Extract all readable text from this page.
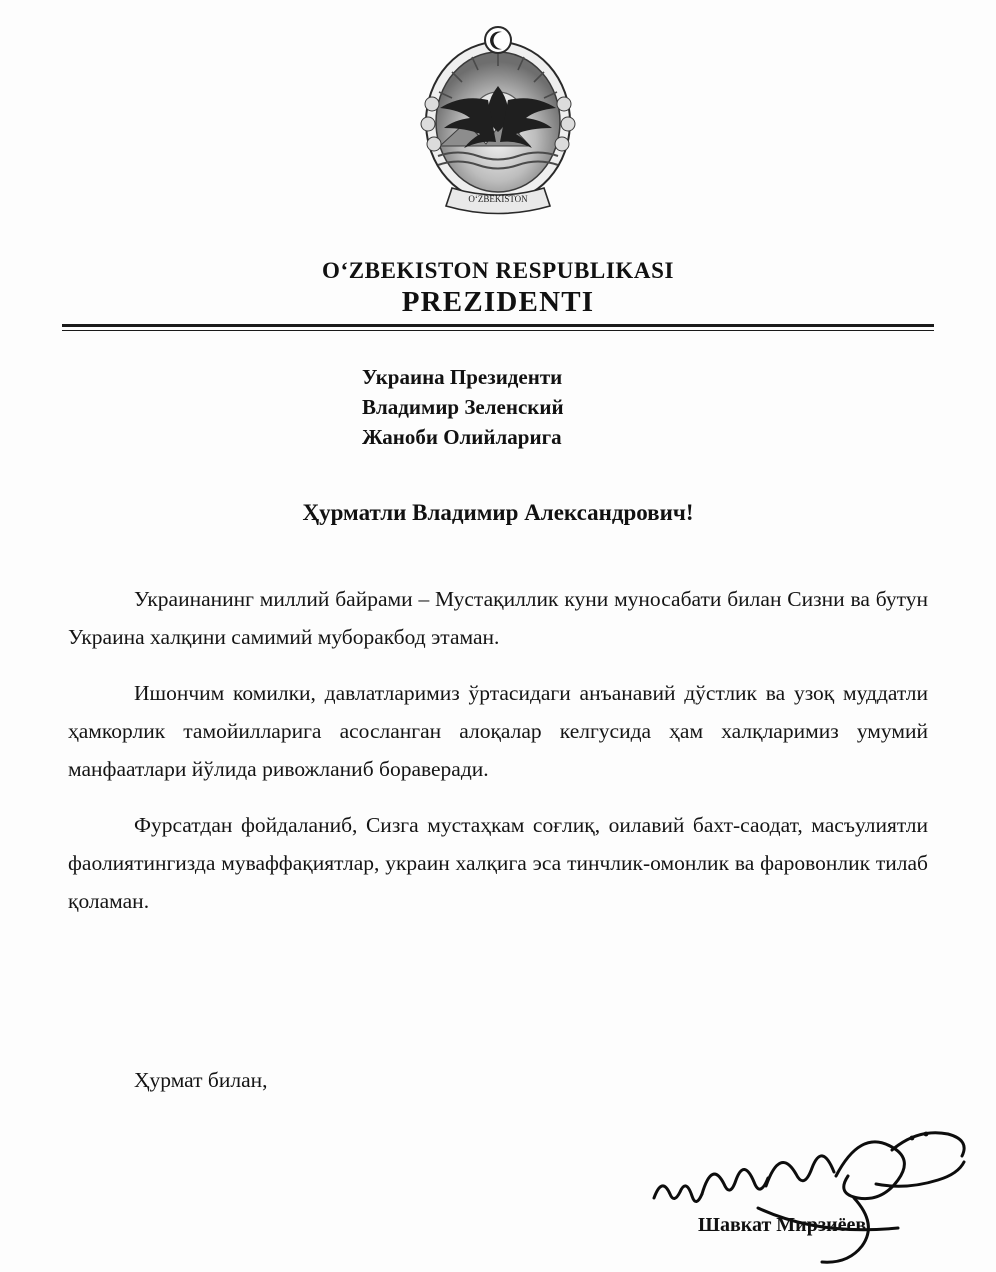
O‘ZBEKISTON
O‘ZBEKISTON RESPUBLIKASI
PREZIDENTI
Украина Президенти
Владимир Зеленский
Жаноби Олийларига
Ҳурматли Владимир Александрович!

Украинанинг миллий байрами – Мустақиллик куни муносабати билан Сизни ва бутун Украина халқини самимий муборакбод этаман.

Ишончим комилки, давлатларимиз ўртасидаги анъанавий дўстлик ва узоқ муддатли ҳамкорлик тамойилларига асосланган алоқалар келгусида ҳам халқларимиз умумий манфаатлари йўлида ривожланиб бораверади.

Фурсатдан фойдаланиб, Сизга мустаҳкам соғлиқ, оилавий бахт-саодат, масъулиятли фаолиятингизда муваффақиятлар, украин халқига эса тинчлик-омонлик ва фаровонлик тилаб қоламан.

Ҳурмат билан,
Шавкат Мирзиёев
